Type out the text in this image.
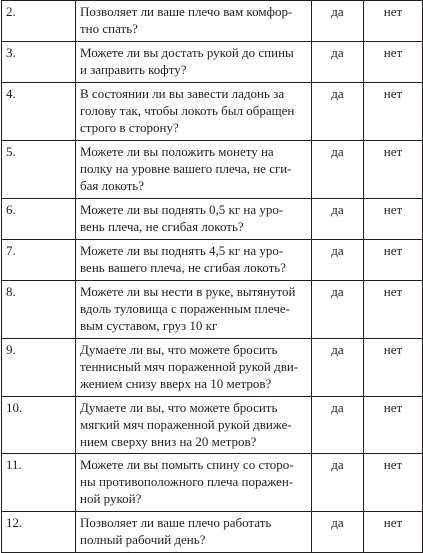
2.	Позволяет ли ваше плечо вам комфор-
тно спать?	да	нет
3.	Можете ли вы достать рукой до спины
и заправить кофту?	да	нет
4.	В состоянии ли вы завести ладонь за
голову так, чтобы локоть был обращен
строго в сторону?	да	нет
5.	Можете ли вы положить монету на
полку на уровне вашего плеча, не сги-
бая локоть?	да	нет
6.	Можете ли вы поднять 0,5 кг на уро-
вень плеча, не сгибая локоть?	да	нет
7.	Можете ли вы поднять 4,5 кг на уро-
вень вашего плеча, не сгибая локоть?	да	нет
8.	Можете ли вы нести в руке, вытянутой
вдоль туловища с пораженным плече-
вым суставом, груз 10 кг	да	нет
9.	Думаете ли вы, что можете бросить
теннисный мяч пораженной рукой дви-
жением снизу вверх на 10 метров?	да	нет
10.	Думаете ли вы, что можете бросить
мягкий мяч пораженной рукой движе-
нием сверху вниз на 20 метров?	да	нет
11.	Можете ли вы помыть спину со сторо-
ны противоположного плеча поражен-
ной рукой?	да	нет
12.	Позволяет ли ваше плечо работать
полный рабочий день?	да	нет
